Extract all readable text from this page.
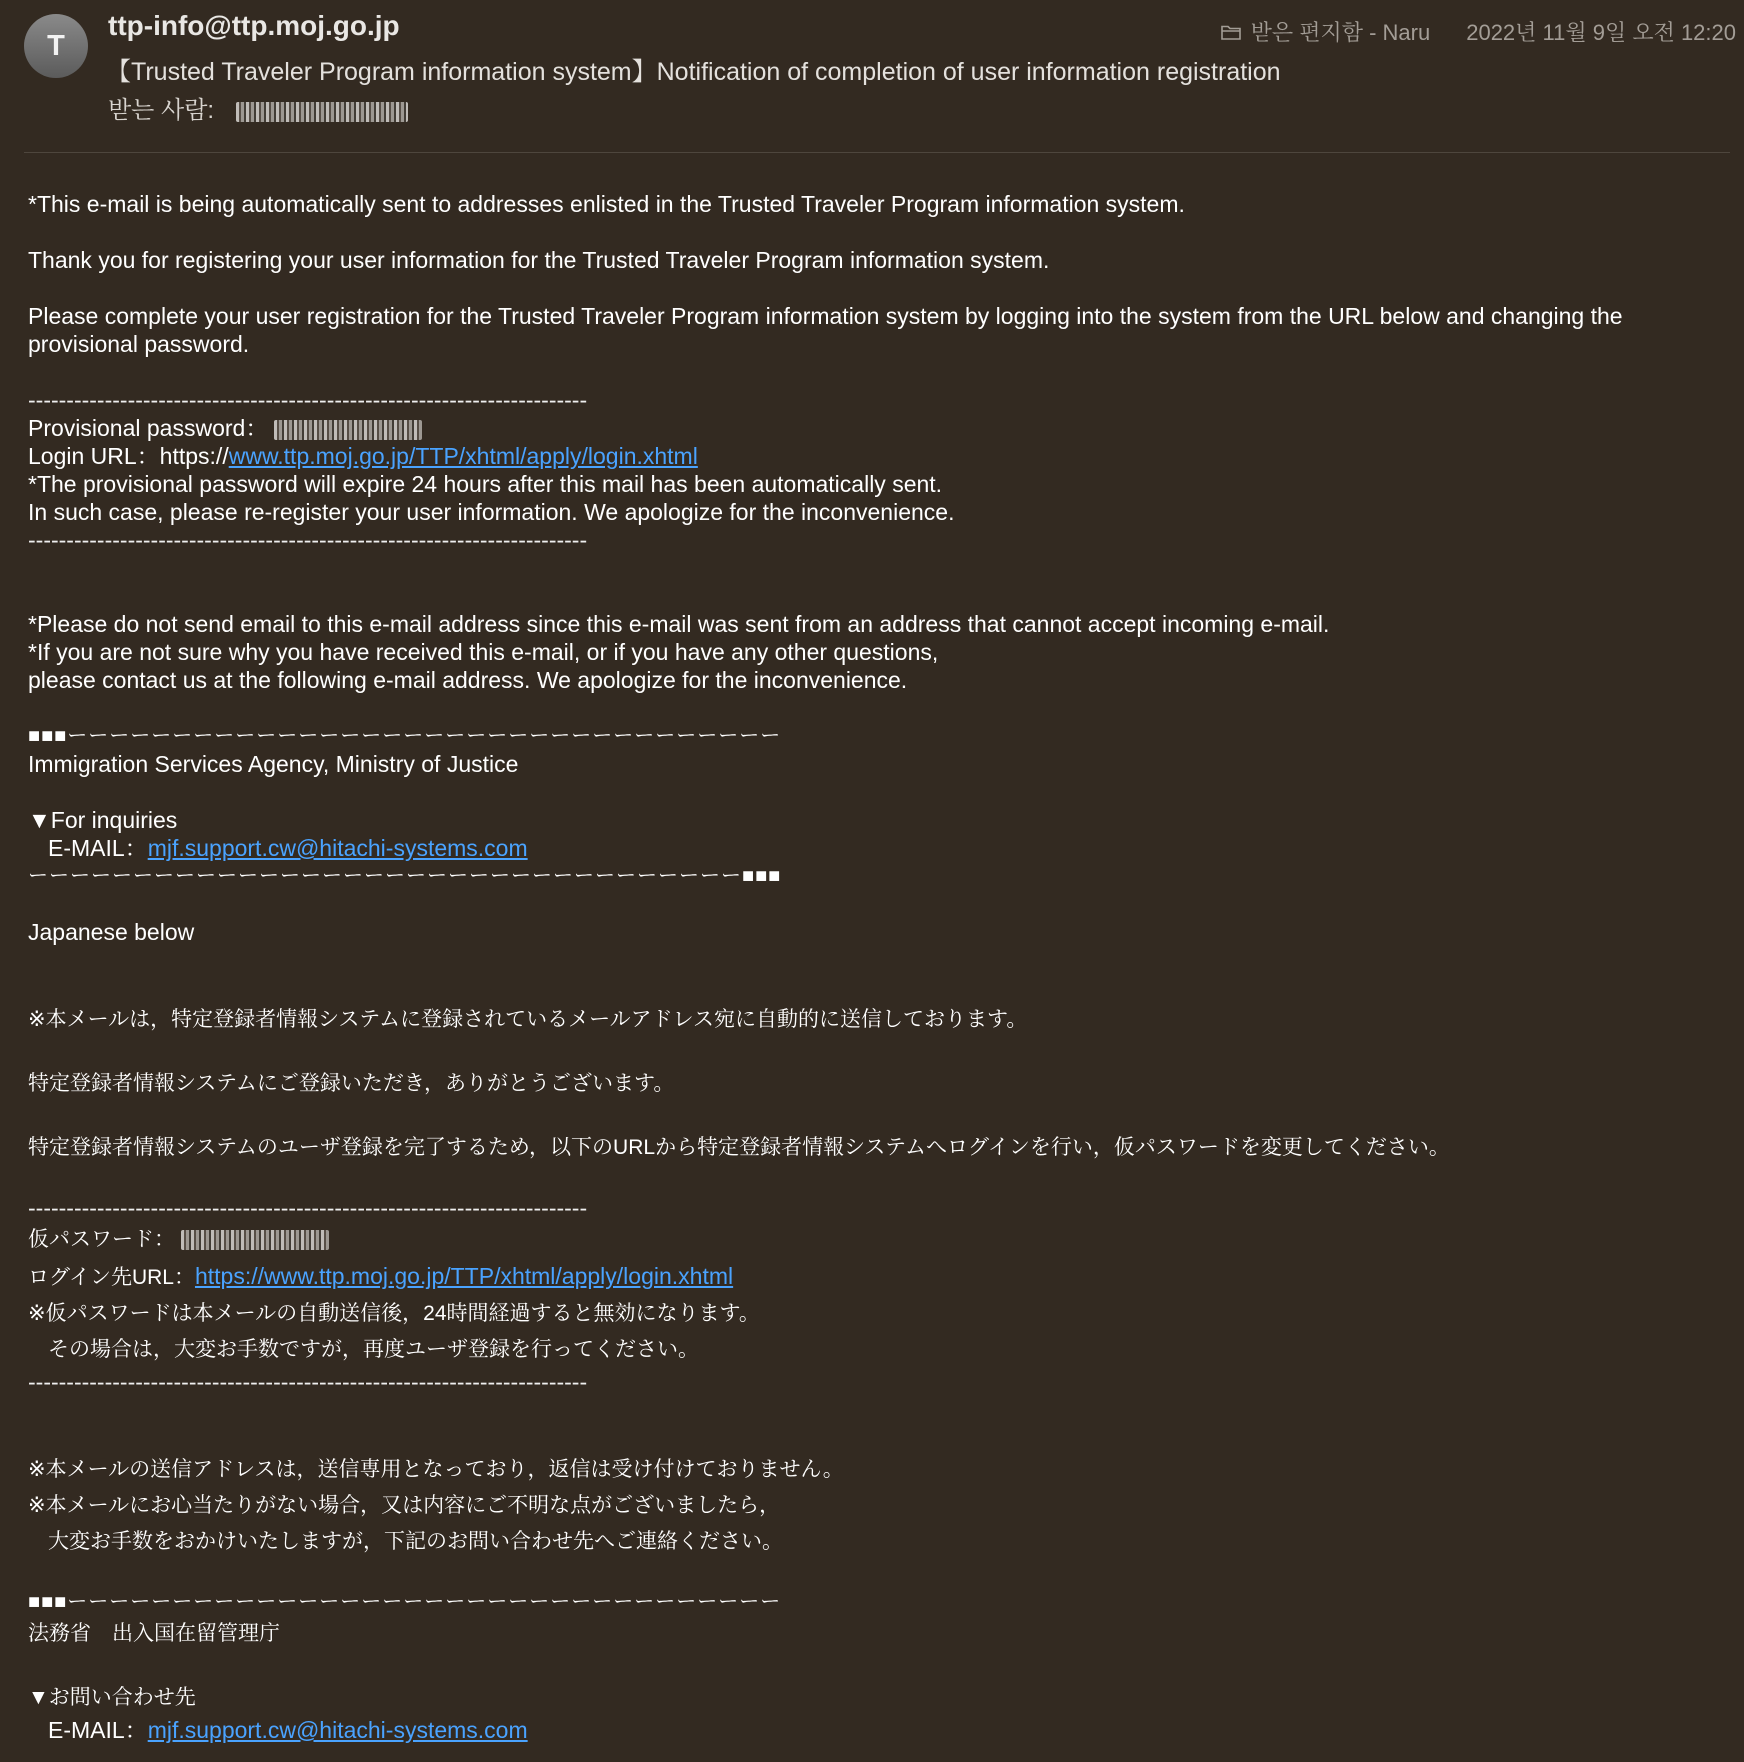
T
ttp-info@ttp.moj.go.jp
【Trusted Traveler Program information system】Notification of completion of user information registration
받는 사람:
받은 편지함 - Naru 2022년 11월 9일 오전 12:20

*This e-mail is being automatically sent to addresses enlisted in the Trusted Traveler Program information system.

Thank you for registering your user information for the Trusted Traveler Program information system.

Please complete your user registration for the Trusted Traveler Program information system by logging into the system from the URL below and changing the provisional password.

-------------------------------------------------------------------------

Provisional password：

Login URL：https://www.ttp.moj.go.jp/TTP/xhtml/apply/login.xhtml

*The provisional password will expire 24 hours after this mail has been automatically sent.

In such case, please re-register your user information. We apologize for the inconvenience.

-------------------------------------------------------------------------

*Please do not send email to this e-mail address since this e-mail was sent from an address that cannot accept incoming e-mail.

*If you are not sure why you have received this e-mail, or if you have any other questions,

please contact us at the following e-mail address. We apologize for the inconvenience.

■■■ーーーーーーーーーーーーーーーーーーーーーーーーーーーーーーーーーー

Immigration Services Agency, Ministry of Justice

▼For inquiries

E-MAIL：mjf.support.cw@hitachi-systems.com

ーーーーーーーーーーーーーーーーーーーーーーーーーーーーーーーーーー■■■

Japanese below

※本メールは，特定登録者情報システムに登録されているメールアドレス宛に自動的に送信しております。

特定登録者情報システムにご登録いただき，ありがとうございます。

特定登録者情報システムのユーザ登録を完了するため，以下のURLから特定登録者情報システムへログインを行い，仮パスワードを変更してください。

-------------------------------------------------------------------------

仮パスワード：

ログイン先URL：https://www.ttp.moj.go.jp/TTP/xhtml/apply/login.xhtml

※仮パスワードは本メールの自動送信後，24時間経過すると無効になります。

その場合は，大変お手数ですが，再度ユーザ登録を行ってください。

-------------------------------------------------------------------------

※本メールの送信アドレスは，送信専用となっており，返信は受け付けておりません。

※本メールにお心当たりがない場合，又は内容にご不明な点がございましたら，

大変お手数をおかけいたしますが，下記のお問い合わせ先へご連絡ください。

■■■ーーーーーーーーーーーーーーーーーーーーーーーーーーーーーーーーーー

法務省　出入国在留管理庁

▼お問い合わせ先

E-MAIL：mjf.support.cw@hitachi-systems.com
